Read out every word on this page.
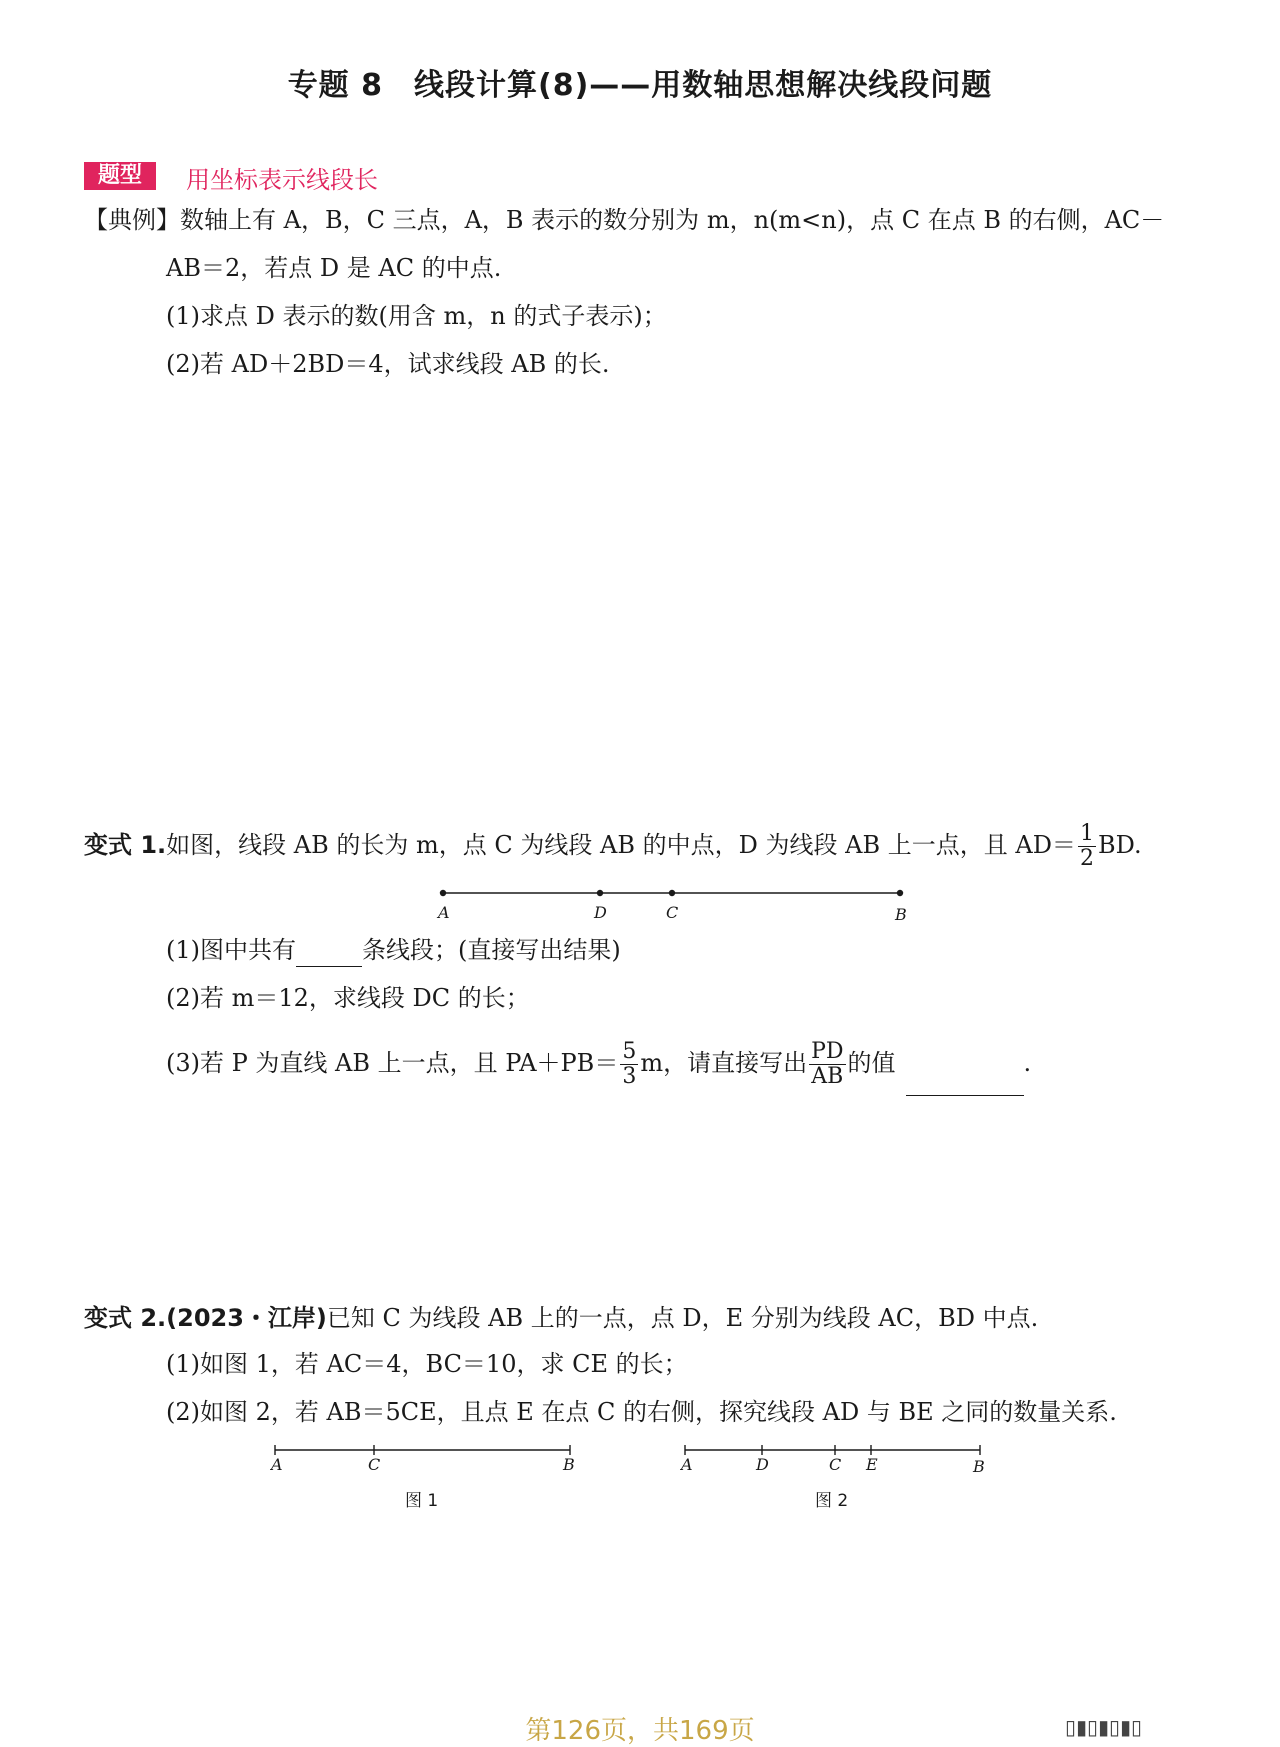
专题 8　线段计算(8)——用数轴思想解决线段问题
题型	用坐标表示线段长
【典例】数轴上有 A，B，C 三点，A，B 表示的数分别为 m，n(m<n)，点 C 在点 B 的右侧，AC－
AB＝2，若点 D 是 AC 的中点.
(1)求点 D 表示的数(用含 m，n 的式子表示)；
(2)若 AD＋2BD＝4，试求线段 AB 的长.
变式 1.如图，线段 AB 的长为 m，点 C 为线段 AB 的中点，D 为线段 AB 上一点，且 $AD= \frac{1}{2}$ BD.
A	D	C	B
(1)图中共有	条线段；(直接写出结果)
(2)若 m＝12，求线段 DC 的长；
(3)若 P 为直线 AB 上一点，且 $PA+PB= \frac{5}{3}$ m，请直接写出 $\frac{PD}{AB}$ 的值	.
变式 2.(2023・江岸)已知 C 为线段 AB 上的一点，点 D，E 分别为线段 AC，BD 中点.
(1)如图 1，若 AC＝4，BC＝10，求 CE 的长；
(2)如图 2，若 AB＝5CE，且点 E 在点 C 的右侧，探究线段 AD 与 BE 之同的数量关系.
A	C	B
图 1
A	D	C E	B
图 2
第126页，共169页	▯▮▯▮▯▮▯
